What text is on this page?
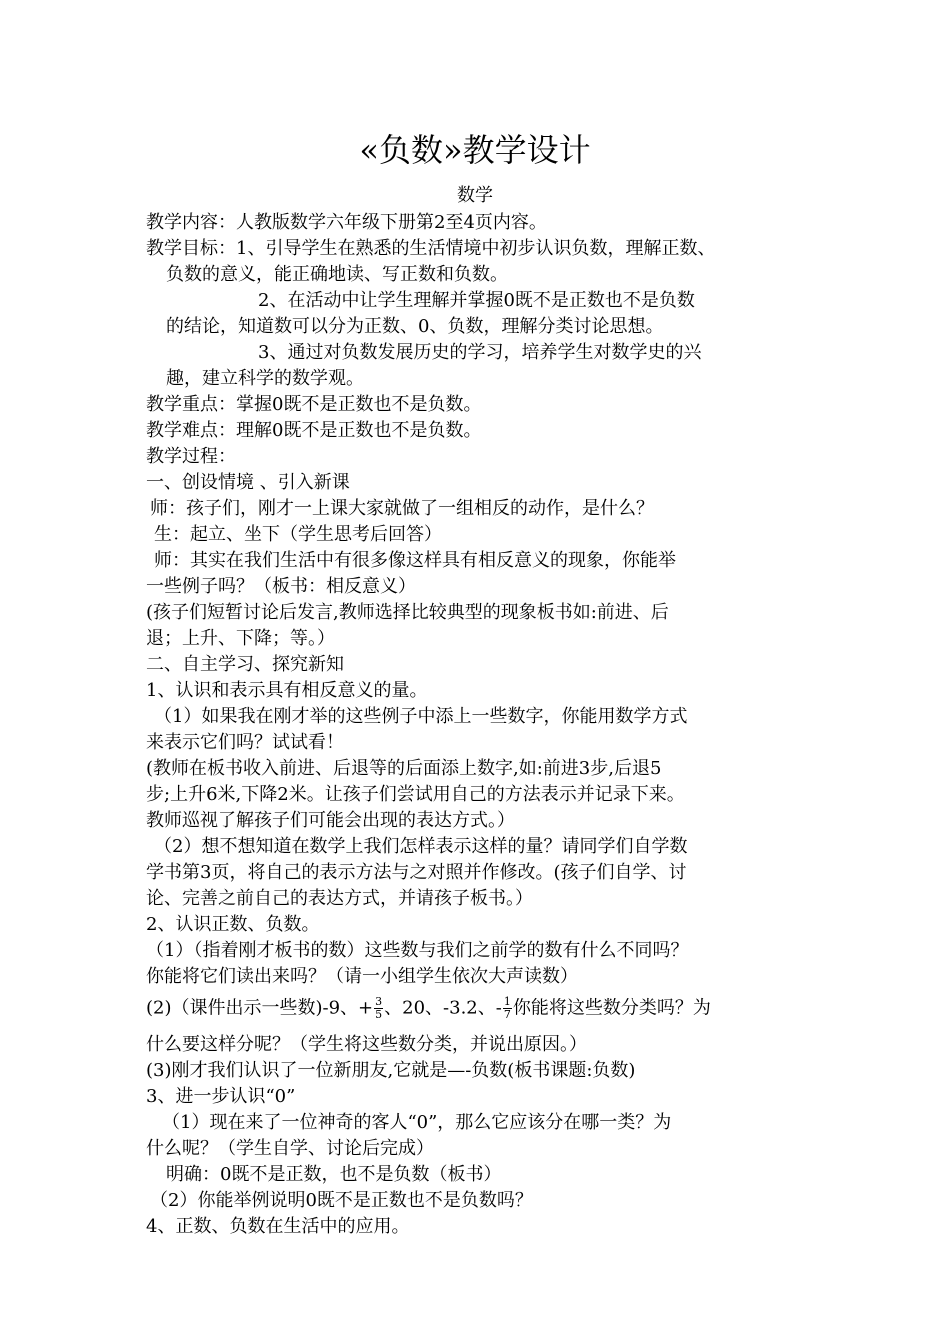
«负数»教学设计
数学
教学内容：人教版数学六年级下册第2至4页内容。
教学目标：1、引导学生在熟悉的生活情境中初步认识负数，理解正数、
负数的意义，能正确地读、写正数和负数。
2、在活动中让学生理解并掌握0既不是正数也不是负数
的结论，知道数可以分为正数、0、负数，理解分类讨论思想。
3、通过对负数发展历史的学习，培养学生对数学史的兴
趣，建立科学的数学观。
教学重点：掌握0既不是正数也不是负数。
教学难点：理解0既不是正数也不是负数。
教学过程：
一、创设情境 、引入新课
师：孩子们，刚才一上课大家就做了一组相反的动作，是什么？
生：起立、坐下（学生思考后回答）
师：其实在我们生活中有很多像这样具有相反意义的现象，你能举
一些例子吗？（板书：相反意义）
(孩子们短暂讨论后发言,教师选择比较典型的现象板书如:前进、后
退；上升、下降；等。）
二、自主学习、探究新知
1、认识和表示具有相反意义的量。
（1）如果我在刚才举的这些例子中添上一些数字，你能用数学方式
来表示它们吗？试试看！
(教师在板书收入前进、后退等的后面添上数字,如:前进3步,后退5
步;上升6米,下降2米。让孩子们尝试用自己的方法表示并记录下来。
教师巡视了解孩子们可能会出现的表达方式。）
（2）想不想知道在数学上我们怎样表示这样的量？请同学们自学数
学书第3页，将自己的表示方法与之对照并作修改。(孩子们自学、讨
论、完善之前自己的表达方式，并请孩子板书。）
2、认识正数、负数。
（1）（指着刚才板书的数）这些数与我们之前学的数有什么不同吗？
你能将它们读出来吗？（请一小组学生依次大声读数）
(2)（课件出示一些数)-9、+ $\frac{3}{5}$ 、20、-3.2、- $\frac{1}{7}$ 你能将这些数分类吗？为
什么要这样分呢？（学生将这些数分类，并说出原因。）
(3)刚才我们认识了一位新朋友,它就是—-负数(板书课题:负数)
3、进一步认识“0”
（1）现在来了一位神奇的客人“0”，那么它应该分在哪一类？为
什么呢？（学生自学、讨论后完成）
明确：0既不是正数，也不是负数（板书）
（2）你能举例说明0既不是正数也不是负数吗？
4、正数、负数在生活中的应用。
